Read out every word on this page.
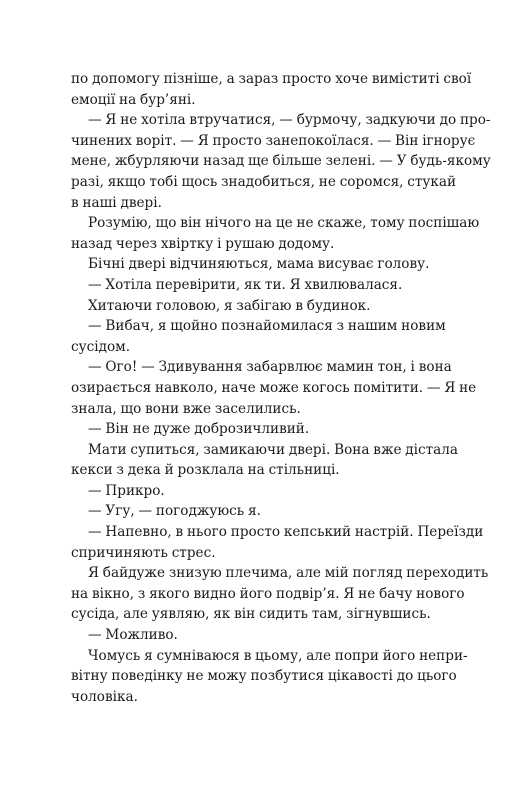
по допомогу пізніше, а зараз просто хоче виміститі свої
емоції на бур’яні.
— Я не хотіла втручатися, — бурмочу, задкуючи до про-
чинених воріт. — Я просто занепокоїлася. — Він ігнорує
мене, жбурляючи назад ще більше зелені. — У будь-якому
разі, якщо тобі щось знадобиться, не соромся, стукай
в наші двері.
Розумію, що він нічого на це не скаже, тому поспішаю
назад через хвіртку і рушаю додому.
Бічні двері відчиняються, мама висуває голову.
— Хотіла перевірити, як ти. Я хвилювалася.
Хитаючи головою, я забігаю в будинок.
— Вибач, я щойно познайомилася з нашим новим
сусідом.
— Ого! — Здивування забарвлює мамин тон, і вона
озирається навколо, наче може когось помітити. — Я не
знала, що вони вже заселились.
— Він не дуже доброзичливий.
Мати супиться, замикаючи двері. Вона вже дістала
кекси з дека й розклала на стільниці.
— Прикро.
— Угу, — погоджуюсь я.
— Напевно, в нього просто кепський настрій. Переїзди
спричиняють стрес.
Я байдуже знизую плечима, але мій погляд переходить
на вікно, з якого видно його подвір’я. Я не бачу нового
сусіда, але уявляю, як він сидить там, зігнувшись.
— Можливо.
Чомусь я сумніваюся в цьому, але попри його непри-
вітну поведінку не можу позбутися цікавості до цього
чоловіка.
